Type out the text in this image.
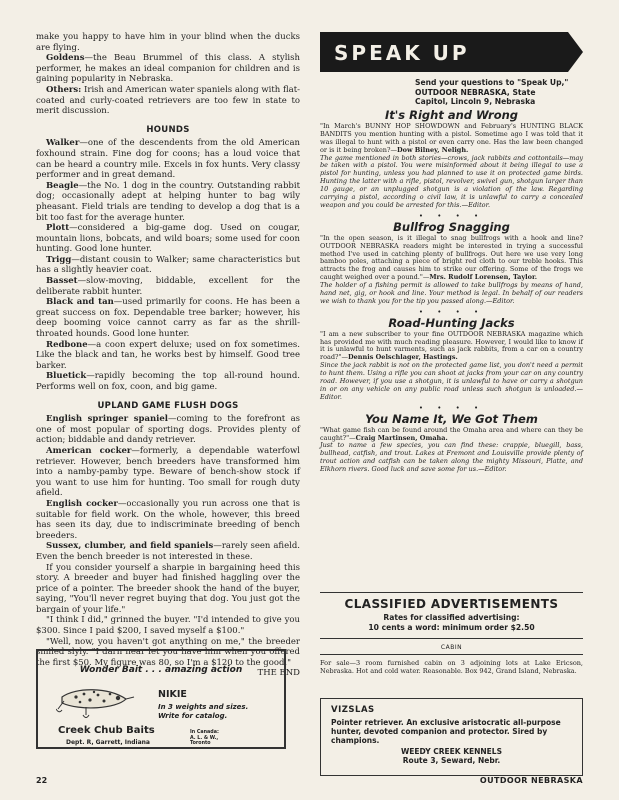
make you happy to have him in your blind when the ducks are flying.

Goldens—the Beau Brummel of this class. A stylish performer, he makes an ideal companion for children and is gaining popularity in Nebraska.

Others: Irish and American water spaniels along with flat-coated and curly-coated retrievers are too few in state to merit discussion.

HOUNDS

Walker—one of the descendents from the old American foxhound strain. Fine dog for coons; has a loud voice that can be heard a country mile. Excels in fox hunts. Very classy performer and in great demand.

Beagle—the No. 1 dog in the country. Outstanding rabbit dog; occasionally adept at helping hunter to bag wily pheasant. Field trials are tending to develop a dog that is a bit too fast for the average hunter.

Plott—considered a big-game dog. Used on cougar, mountain lions, bobcats, and wild boars; some used for coon hunting. Good lone hunter.

Trigg—distant cousin to Walker; same characteristics but has a slightly heavier coat.

Basset—slow-moving, biddable, excellent for the deliberate rabbit hunter.

Black and tan—used primarily for coons. He has been a great success on fox. Dependable tree barker; however, his deep booming voice cannot carry as far as the shrill-throated hounds. Good lone hunter.

Redbone—a coon expert deluxe; used on fox sometimes. Like the black and tan, he works best by himself. Good tree barker.

Bluetick—rapidly becoming the top all-round hound. Performs well on fox, coon, and big game.

UPLAND GAME FLUSH DOGS

English springer spaniel—coming to the forefront as one of most popular of sporting dogs. Provides plenty of action; biddable and dandy retriever.

American cocker—formerly, a dependable waterfowl retriever. However, bench breeders have transformed him into a namby-pamby type. Beware of bench-show stock if you want to use him for hunting. Too small for rough duty afield.

English cocker—occasionally you run across one that is suitable for field work. On the whole, however, this breed has seen its day, due to indiscriminate breeding of bench breeders.

Sussex, clumber, and field spaniels—rarely seen afield. Even the bench breeder is not interested in these.

If you consider yourself a sharpie in bargaining heed this story. A breeder and buyer had finished haggling over the price of a pointer. The breeder shook the hand of the buyer, saying, "You'll never regret buying that dog. You just got the bargain of your life."

"I think I did," grinned the buyer. "I'd intended to give you $300. Since I paid $200, I saved myself a $100."

"Well, now, you haven't got anything on me," the breeder smiled slyly. "I darn near let you have him when you offered the first $50. My figure was 80, so I'm a $120 to the good."

THE END
Wonder Bait . . . amazing action
NIKIE
In 3 weights and sizes.
Write for catalog.
Creek Chub Baits
Dept. R, Garrett, Indiana
In Canada:
A. L. & W.,
Toronto
SPEAK UP
Send your questions to "Speak Up,"
OUTDOOR NEBRASKA, State
Capitol, Lincoln 9, Nebraska
It's Right and Wrong

"In March's BUNNY HOP SHOWDOWN and February's HUNTING BLACK BANDITS you mention hunting with a pistol. Sometime ago I was told that it was illegal to hunt with a pistol or even carry one. Has the law been changed or is it being broken?—Dow Bilney, Neligh.

The game mentioned in both stories—crows, jack rabbits and cottontails—may be taken with a pistol. You were misinformed about it being illegal to use a pistol for hunting, unless you had planned to use it on protected game birds. Hunting the latter with a rifle, pistol, revolver, swivel gun, shotgun larger than 10 gauge, or an unplugged shotgun is a violation of the law. Regarding carrying a pistol, according o civil law, it is unlawful to carry a concealed weapon and you could be arrested for this.—Editor.

• • • •
Bullfrog Snagging

"In the open season, is it illegal to snag bullfrogs with a hook and line? OUTDOOR NEBRASKA readers might be interested in trying a successful method I've used in catching plenty of bullfrogs. Out here we use very long bamboo poles, attaching a piece of bright red cloth to our treble hooks. This attracts the frog and causes him to strike our offering. Some of the frogs we caught weighed over a pound."—Mrs. Rudolf Lorensen, Taylor.

The holder of a fishing permit is allowed to take bullfrogs by means of hand, hand net, gig, or hook and line. Your method is legal. In behalf of our readers we wish to thank you for the tip you passed along.—Editor.

• • • •
Road-Hunting Jacks

"I am a new subscriber to your fine OUTDOOR NEBRASKA magazine which has provided me with much reading pleasure. However, I would like to know if it is unlawful to hunt varments, such as jack rabbits, from a car on a country road?"—Dennis Oelschlager, Hastings.

Since the jack rabbit is not on the protected game list, you don't need a permit to hunt them. Using a rifle you can shoot at jacks from your car on any country road. However, if you use a shotgun, it is unlawful to have or carry a shotgun in or on any vehicle on any public road unless such shotgun is unloaded.—Editor.

• • • •
You Name It, We Got Them

"What game fish can be found around the Omaha area and where can they be caught?"—Craig Martinsen, Omaha.

Just to name a few species, you can find these: crappie, bluegill, bass, bullhead, catfish, and trout. Lakes at Fremont and Louisville provide plenty of trout action and catfish can be taken along the mighty Missouri, Platte, and Elkhorn rivers. Good luck and save some for us.—Editor.

CLASSIFIED ADVERTISEMENTS
Rates for classified advertising:
10 cents a word: minimum order $2.50
CABIN
For sale—3 room furnished cabin on 3 adjoining lots at Lake Ericson, Nebraska. Hot and cold water. Reasonable. Box 942, Grand Island, Nebraska.
VIZSLAS
Pointer retriever. An exclusive aristocratic all-purpose hunter, devoted companion and protector. Sired by champions.
WEEDY CREEK KENNELS
Route 3, Seward, Nebr.
22	OUTDOOR NEBRASKA
